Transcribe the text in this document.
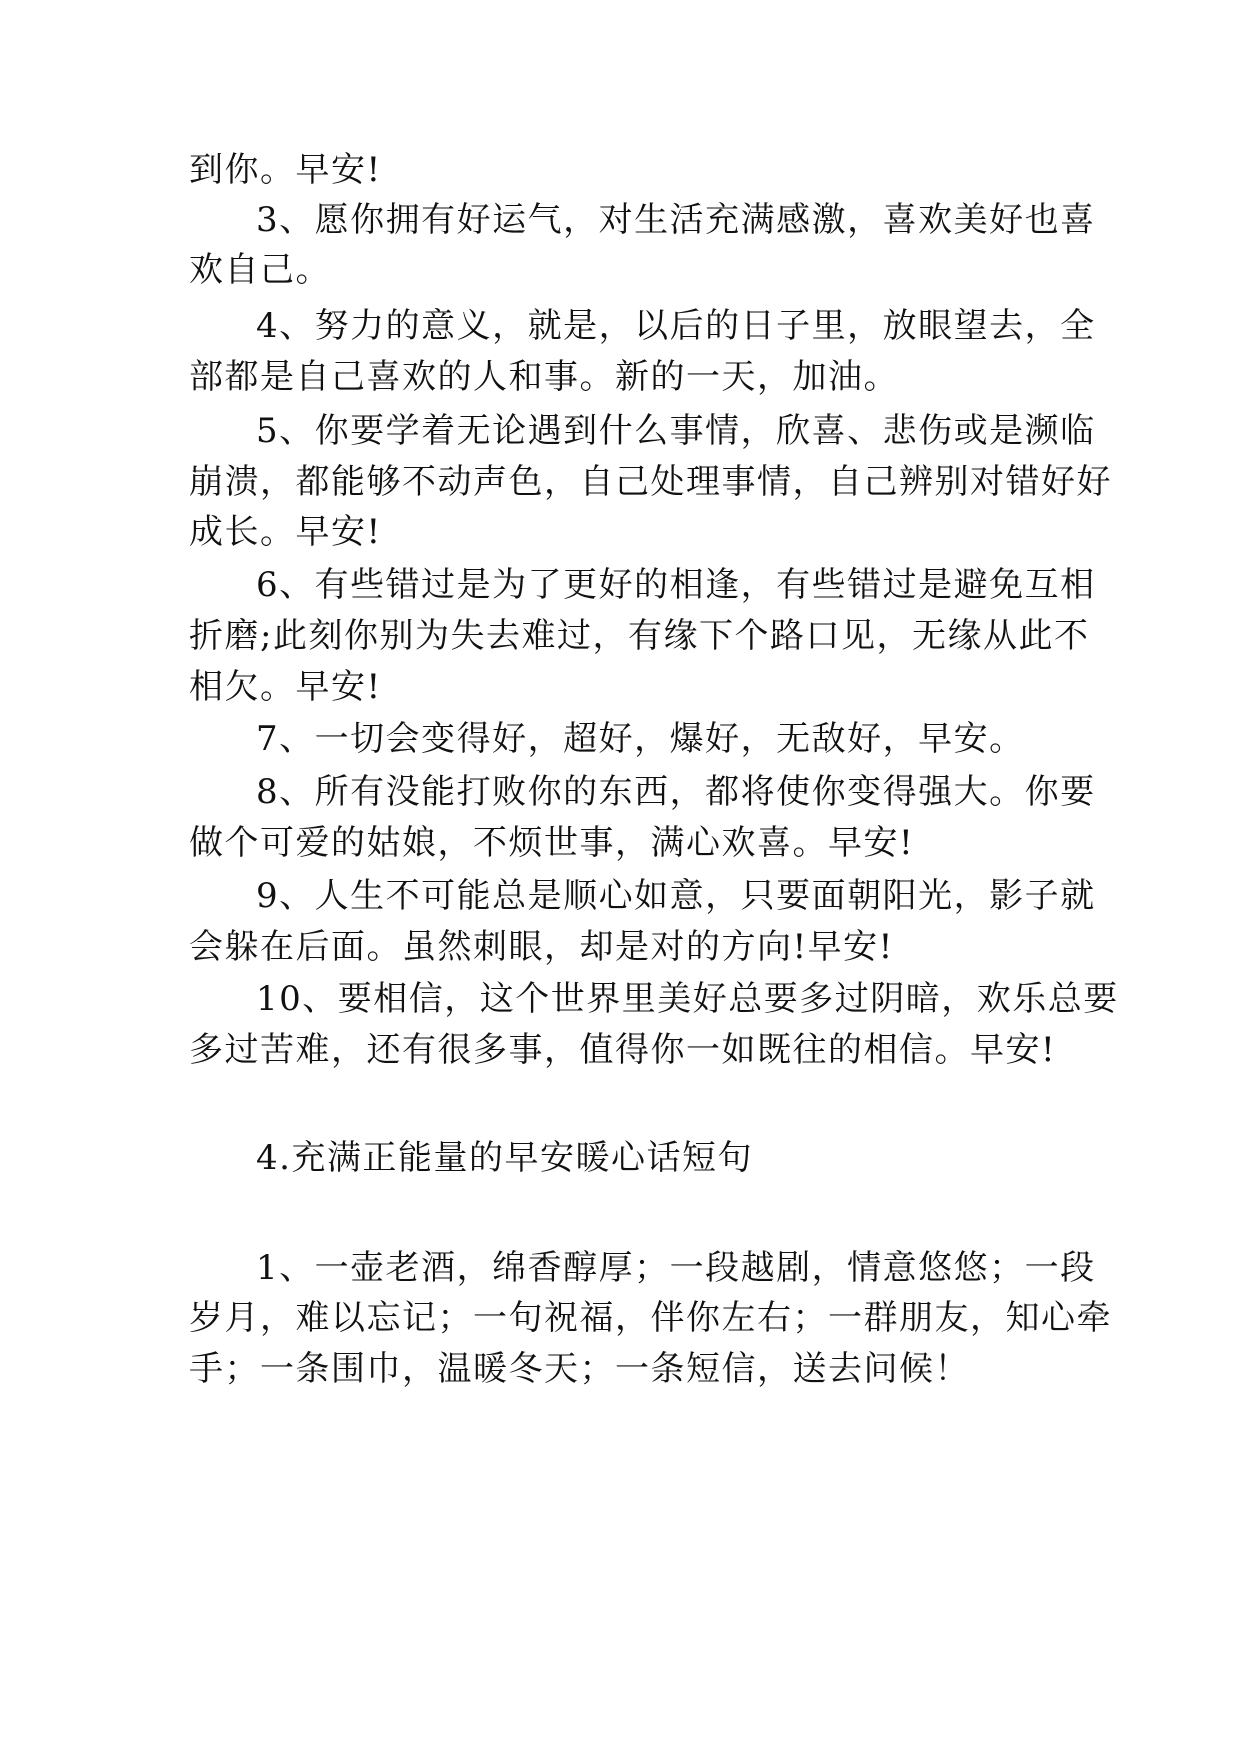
到你。早安!
3、愿你拥有好运气，对生活充满感激，喜欢美好也喜
欢自己。
4、努力的意义，就是，以后的日子里，放眼望去，全
部都是自己喜欢的人和事。新的一天，加油。
5、你要学着无论遇到什么事情，欣喜、悲伤或是濒临
崩溃，都能够不动声色，自己处理事情，自己辨别对错好好
成长。早安!
6、有些错过是为了更好的相逢，有些错过是避免互相
折磨;此刻你别为失去难过，有缘下个路口见，无缘从此不
相欠。早安!
7、一切会变得好，超好，爆好，无敌好，早安。
8、所有没能打败你的东西，都将使你变得强大。你要
做个可爱的姑娘，不烦世事，满心欢喜。早安!
9、人生不可能总是顺心如意，只要面朝阳光，影子就
会躲在后面。虽然刺眼，却是对的方向!早安!
10、要相信，这个世界里美好总要多过阴暗，欢乐总要
多过苦难，还有很多事，值得你一如既往的相信。早安!
4.充满正能量的早安暖心话短句
1、一壶老酒，绵香醇厚；一段越剧，情意悠悠；一段
岁月，难以忘记；一句祝福，伴你左右；一群朋友，知心牵
手；一条围巾，温暖冬天；一条短信，送去问候！
